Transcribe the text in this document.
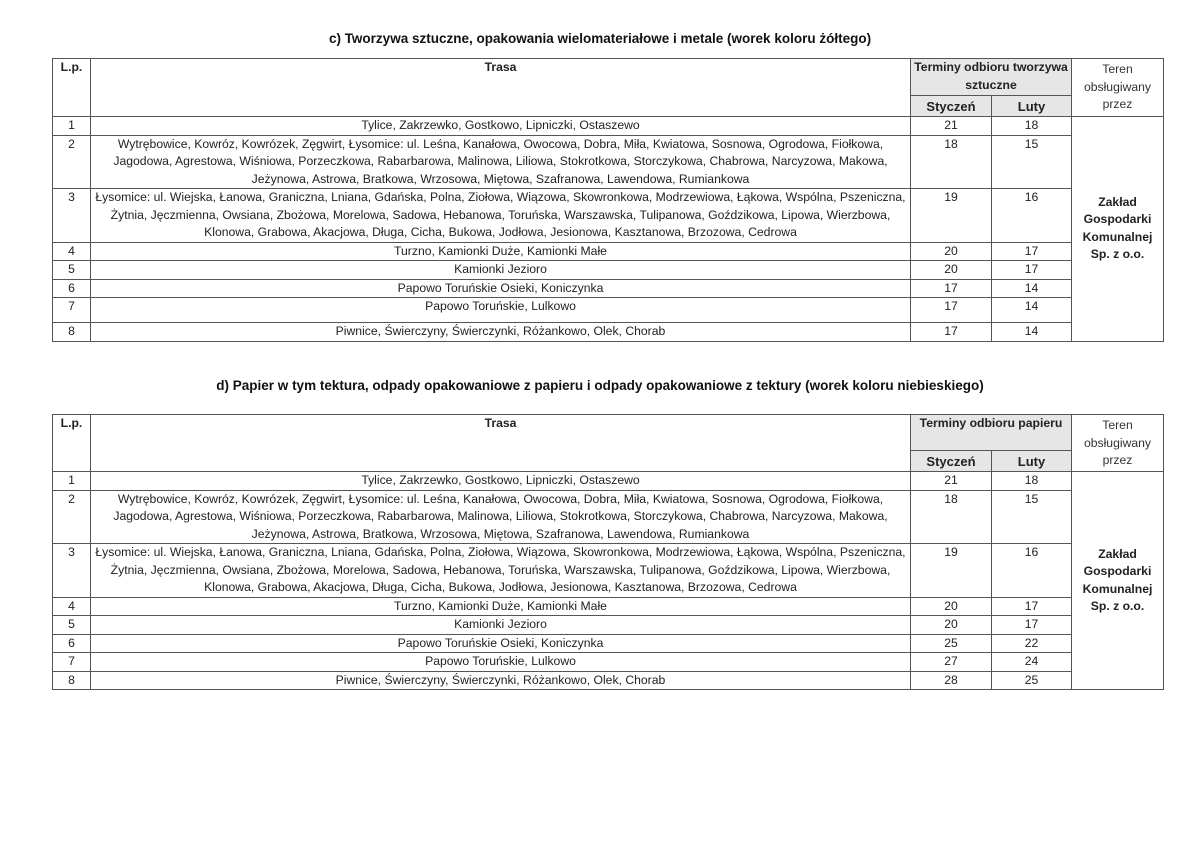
c) Tworzywa sztuczne, opakowania wielomateriałowe i metale (worek koloru żółtego)
L.p.	Trasa	Terminy odbioru tworzywa sztuczne		Teren obsługiwany przez
		Styczeń	Luty	
1	Tylice, Zakrzewko, Gostkowo, Lipniczki, Ostaszewo	21	18	Zakład Gospodarki Komunalnej Sp. z o.o.
2	Wytrębowice, Kowróz, Kowrózek, Zęgwirt, Łysomice: ul. Leśna, Kanałowa, Owocowa, Dobra, Miła, Kwiatowa, Sosnowa, Ogrodowa, Fiołkowa, Jagodowa, Agrestowa, Wiśniowa, Porzeczkowa, Rabarbarowa, Malinowa, Liliowa, Stokrotkowa, Storczykowa, Chabrowa, Narcyzowa, Makowa, Jeżynowa, Astrowa, Bratkowa, Wrzosowa, Miętowa, Szafranowa, Lawendowa, Rumiankowa	18	15	
3	Łysomice: ul. Wiejska, Łanowa, Graniczna, Lniana, Gdańska, Polna, Ziołowa, Wiązowa, Skowronkowa, Modrzewiowa, Łąkowa, Wspólna, Pszeniczna, Żytnia, Jęczmienna, Owsiana, Zbożowa, Morelowa, Sadowa, Hebanowa, Toruńska, Warszawska, Tulipanowa, Goździkowa, Lipowa, Wierzbowa, Klonowa, Grabowa, Akacjowa, Długa, Cicha, Bukowa, Jodłowa, Jesionowa, Kasztanowa, Brzozowa, Cedrowa	19	16	
4	Turzno, Kamionki Duże, Kamionki Małe	20	17	
5	Kamionki Jezioro	20	17	
6	Papowo Toruńskie Osieki, Koniczynka	17	14	
7	Papowo Toruńskie, Lulkowo	17	14	
8	Piwnice, Świerczyny, Świerczynki, Różankowo, Olek, Chorab	17	14	
d) Papier w tym tektura, odpady opakowaniowe z papieru i odpady opakowaniowe z tektury (worek koloru niebieskiego)
L.p.	Trasa	Terminy odbioru papieru		Teren obsługiwany przez
		Styczeń	Luty	
1	Tylice, Zakrzewko, Gostkowo, Lipniczki, Ostaszewo	21	18	Zakład Gospodarki Komunalnej Sp. z o.o.
2	Wytrębowice, Kowróz, Kowrózek, Zęgwirt, Łysomice: ul. Leśna, Kanałowa, Owocowa, Dobra, Miła, Kwiatowa, Sosnowa, Ogrodowa, Fiołkowa, Jagodowa, Agrestowa, Wiśniowa, Porzeczkowa, Rabarbarowa, Malinowa, Liliowa, Stokrotkowa, Storczykowa, Chabrowa, Narcyzowa, Makowa, Jeżynowa, Astrowa, Bratkowa, Wrzosowa, Miętowa, Szafranowa, Lawendowa, Rumiankowa	18	15	
3	Łysomice: ul. Wiejska, Łanowa, Graniczna, Lniana, Gdańska, Polna, Ziołowa, Wiązowa, Skowronkowa, Modrzewiowa, Łąkowa, Wspólna, Pszeniczna, Żytnia, Jęczmienna, Owsiana, Zbożowa, Morelowa, Sadowa, Hebanowa, Toruńska, Warszawska, Tulipanowa, Goździkowa, Lipowa, Wierzbowa, Klonowa, Grabowa, Akacjowa, Długa, Cicha, Bukowa, Jodłowa, Jesionowa, Kasztanowa, Brzozowa, Cedrowa	19	16	
4	Turzno, Kamionki Duże, Kamionki Małe	20	17	
5	Kamionki Jezioro	20	17	
6	Papowo Toruńskie Osieki, Koniczynka	25	22	
7	Papowo Toruńskie, Lulkowo	27	24	
8	Piwnice, Świerczyny, Świerczynki, Różankowo, Olek, Chorab	28	25	
